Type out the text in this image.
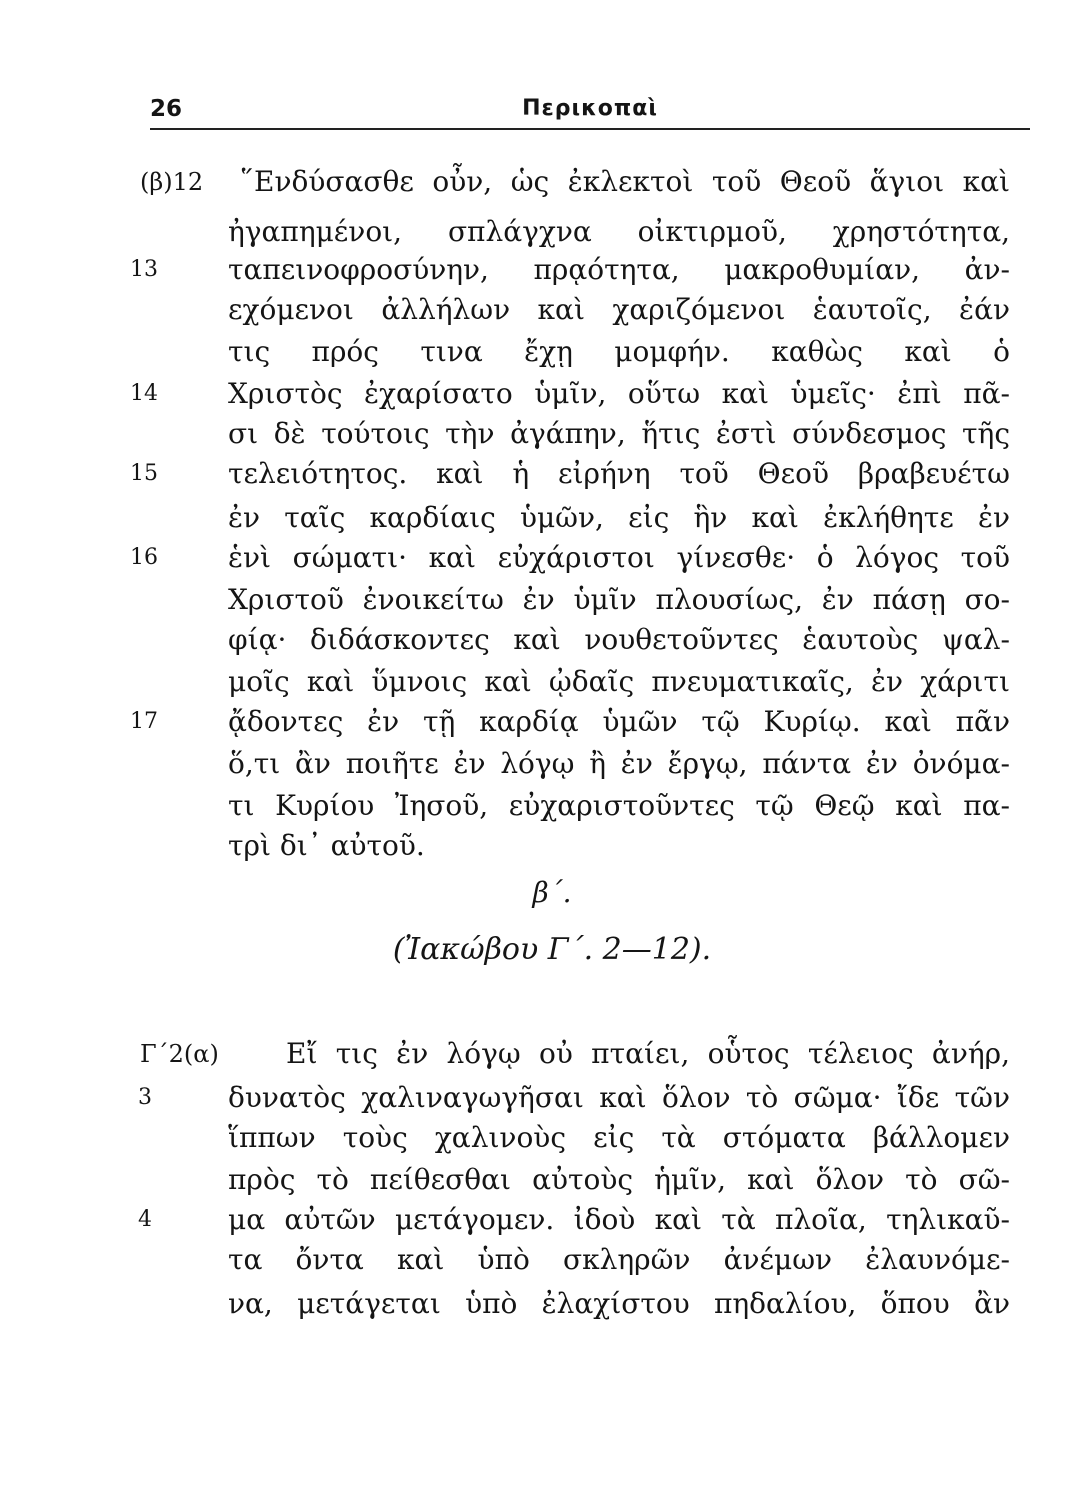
26	Περικοπαὶ
(β)12 ῞Ενδύσασθε οὖν, ὡς ἐκλεκτοὶ τοῦ Θεοῦ ἅγιοι καὶ
ἠγαπημένοι, σπλάγχνα οἰκτιρμοῦ, χρηστότητα,
13	ταπεινοφροσύνην, πρᾳότητα, μακροθυμίαν, ἀν-
εχόμενοι ἀλλήλων καὶ χαριζόμενοι ἑαυτοῖς, ἐάν
τις πρός τινα ἔχῃ μομφήν. καθὼς καὶ ὁ
14	Χριστὸς ἐχαρίσατο ὑμῖν, οὕτω καὶ ὑμεῖς· ἐπὶ πᾶ-
σι δὲ τούτοις τὴν ἀγάπην, ἥτις ἐστὶ σύνδεσμος τῆς
15	τελειότητος. καὶ ἡ εἰρήνη τοῦ Θεοῦ βραβευέτω
ἐν ταῖς καρδίαις ὑμῶν, εἰς ἣν καὶ ἐκλήθητε ἐν
16	ἑνὶ σώματι· καὶ εὐχάριστοι γίνεσθε· ὁ λόγος τοῦ
Χριστοῦ ἐνοικείτω ἐν ὑμῖν πλουσίως, ἐν πάσῃ σο-
φίᾳ· διδάσκοντες καὶ νουθετοῦντες ἑαυτοὺς ψαλ-
μοῖς καὶ ὕμνοις καὶ ᾠδαῖς πνευματικαῖς, ἐν χάριτι
17	ᾄδοντες ἐν τῇ καρδίᾳ ὑμῶν τῷ Κυρίῳ. καὶ πᾶν
ὅ,τι ἂν ποιῆτε ἐν λόγῳ ἢ ἐν ἔργῳ, πάντα ἐν ὀνόμα-
τι Κυρίου Ἰησοῦ, εὐχαριστοῦντες τῷ Θεῷ καὶ πα-
τρὶ δι᾿ αὐτοῦ.
β΄.
(Ἰακώβου Γ΄. 2—12).
Γ΄2(α) Εἴ τις ἐν λόγῳ οὐ πταίει, οὗτος τέλειος ἀνήρ,
3	δυνατὸς χαλιναγωγῆσαι καὶ ὅλον τὸ σῶμα· ἴδε τῶν
ἵππων τοὺς χαλινοὺς εἰς τὰ στόματα βάλλομεν
πρὸς τὸ πείθεσθαι αὐτοὺς ἡμῖν, καὶ ὅλον τὸ σῶ-
4	μα αὐτῶν μετάγομεν. ἰδοὺ καὶ τὰ πλοῖα, τηλικαῦ-
τα ὄντα καὶ ὑπὸ σκληρῶν ἀνέμων ἐλαυνόμε-
να, μετάγεται ὑπὸ ἐλαχίστου πηδαλίου, ὅπου ἂν
